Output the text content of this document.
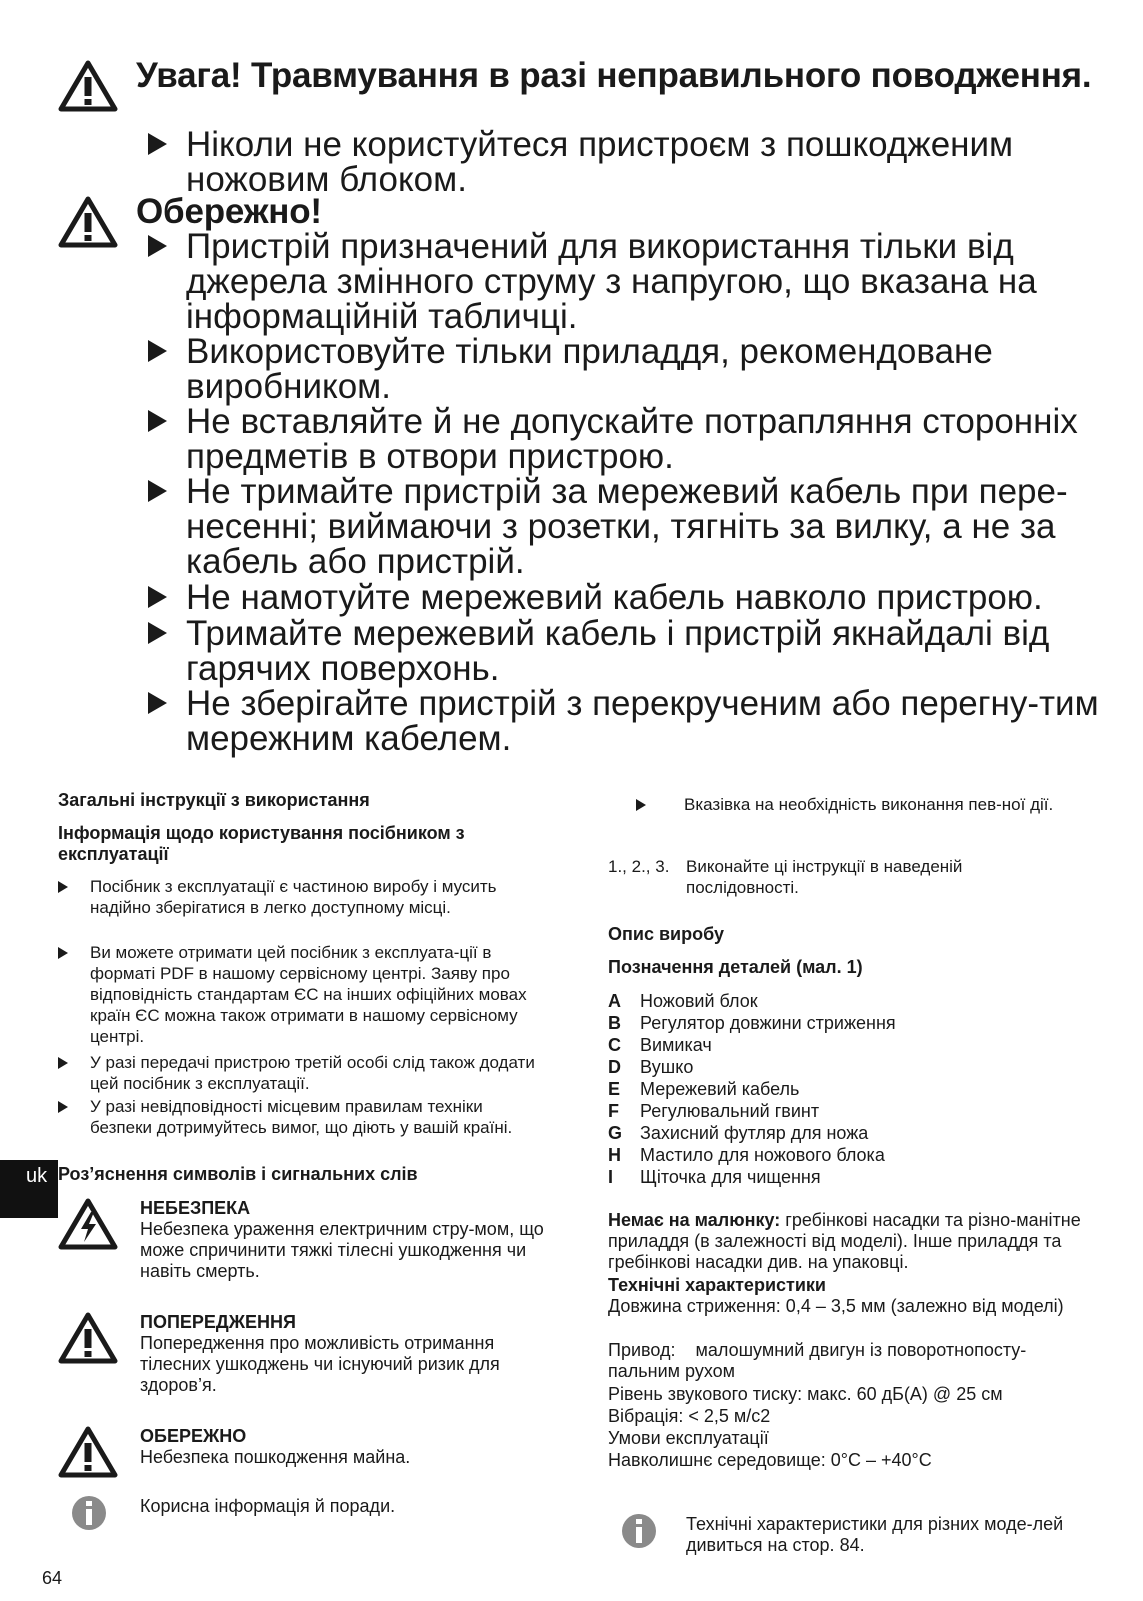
Увага! Травмування в разі неправильного поводження.
Ніколи не користуйтеся пристроєм з пошкодженим ножовим блоком.
Обережно!
Пристрій призначений для використання тільки від джерела змінного струму з напругою, що вказана на інформаційній табличці.
Використовуйте тільки приладдя, рекомендоване виробником.
Не вставляйте й не допускайте потрапляння сторонніх предметів в отвори пристрою.
Не тримайте пристрій за мережевий кабель при пере-несенні; виймаючи з розетки, тягніть за вилку, а не за кабель або пристрій.
Не намотуйте мережевий кабель навколо пристрою.
Тримайте мережевий кабель і пристрій якнайдалі від гарячих поверхонь.
Не зберігайте пристрій з перекрученим або перегну-тим мережним кабелем.
Загальні інструкції з використання
Інформація щодо користування посібником з експлуатації
Посібник з експлуатації є частиною виробу і мусить надійно зберігатися в легко доступному місці.
Ви можете отримати цей посібник з експлуата-ції в форматі PDF в нашому сервісному центрі. Заяву про відповідність стандартам ЄС на інших офіційних мовах країн ЄС можна також отримати в нашому сервісному центрі.
У разі передачі пристрою третій особі слід також додати цей посібник з експлуатації.
У разі невідповідності місцевим правилам техніки безпеки дотримуйтесь вимог, що діють у вашій країні.
uk Роз’яснення символів і сигнальних слів
НЕБЕЗПЕКА
Небезпека ураження електричним стру-мом, що може спричинити тяжкі тілесні ушкодження чи навіть смерть.
ПОПЕРЕДЖЕННЯ
Попередження про можливість отримання тілесних ушкоджень чи існуючий ризик для здоров’я.
ОБЕРЕЖНО
Небезпека пошкодження майна.
Корисна інформація й поради.
64
Вказівка на необхідність виконання пев-ної дії.
1., 2., 3. Виконайте ці інструкції в наведеній послідовності.
Опис виробу
Позначення деталей (мал. 1)
A Ножовий блок
B Регулятор довжини стриження
C Вимикач
D Вушко
E Мережевий кабель
F Регулювальний гвинт
G Захисний футляр для ножа
H Мастило для ножового блока
I Щіточка для чищення
Немає на малюнку: гребінкові насадки та різно-манітне приладдя (в залежності від моделі). Інше приладдя та гребінкові насадки див. на упаковці.
Технічні характеристики
Довжина стриження: 0,4 – 3,5 мм (залежно від моделі)
Привод:    малошумний двигун із поворотнопосту-пальним рухом
Рівень звукового тиску: макс. 60 дБ(А) @ 25 см
Вібрація: < 2,5 м/с2
Умови експлуатації
Навколишнє середовище: 0°C – +40°C
Технічні характеристики для різних моде-лей дивиться на стор. 84.
